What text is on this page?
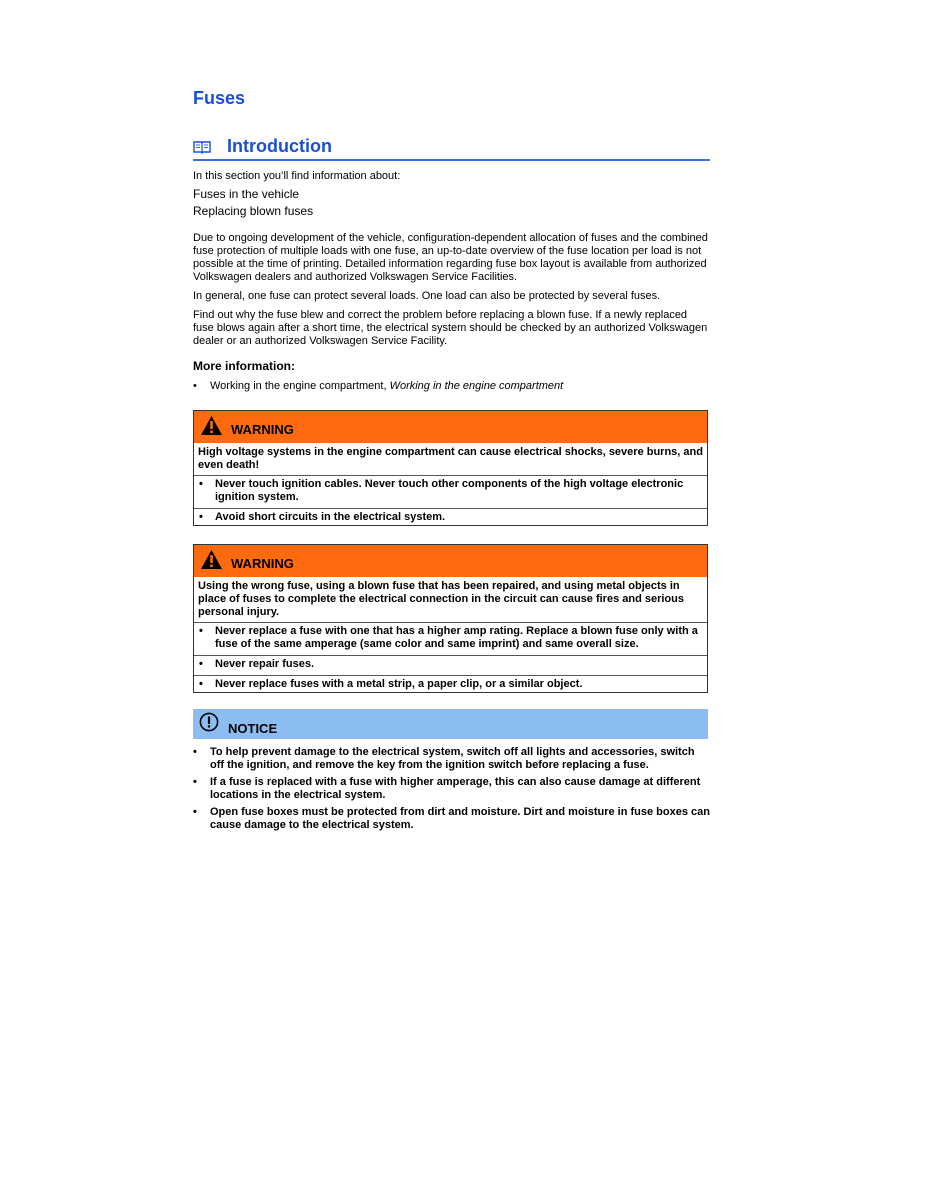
Fuses
Introduction

In this section you’ll find information about:

Fuses in the vehicle

Replacing blown fuses

Due to ongoing development of the vehicle, configuration-dependent allocation of fuses and the combined fuse protection of multiple loads with one fuse, an up-to-date overview of the fuse location per load is not possible at the time of printing. Detailed information regarding fuse box layout is available from authorized Volkswagen dealers and authorized Volkswagen Service Facilities.

In general, one fuse can protect several loads. One load can also be protected by several fuses.

Find out why the fuse blew and correct the problem before replacing a blown fuse. If a newly replaced fuse blows again after a short time, the electrical system should be checked by an authorized Volkswagen dealer or an authorized Volkswagen Service Facility.

More information:

• Working in the engine compartment, Working in the engine compartment
WARNING
High voltage systems in the engine compartment can cause electrical shocks, severe burns, and even death!
• Never touch ignition cables. Never touch other components of the high voltage electronic ignition system.
• Avoid short circuits in the electrical system.
WARNING
Using the wrong fuse, using a blown fuse that has been repaired, and using metal objects in place of fuses to complete the electrical connection in the circuit can cause fires and serious personal injury.
• Never replace a fuse with one that has a higher amp rating. Replace a blown fuse only with a fuse of the same amperage (same color and same imprint) and same overall size.
• Never repair fuses.
• Never replace fuses with a metal strip, a paper clip, or a similar object.
NOTICE
• To help prevent damage to the electrical system, switch off all lights and accessories, switch off the ignition, and remove the key from the ignition switch before replacing a fuse.
• If a fuse is replaced with a fuse with higher amperage, this can also cause damage at different locations in the electrical system.
• Open fuse boxes must be protected from dirt and moisture. Dirt and moisture in fuse boxes can cause damage to the electrical system.
